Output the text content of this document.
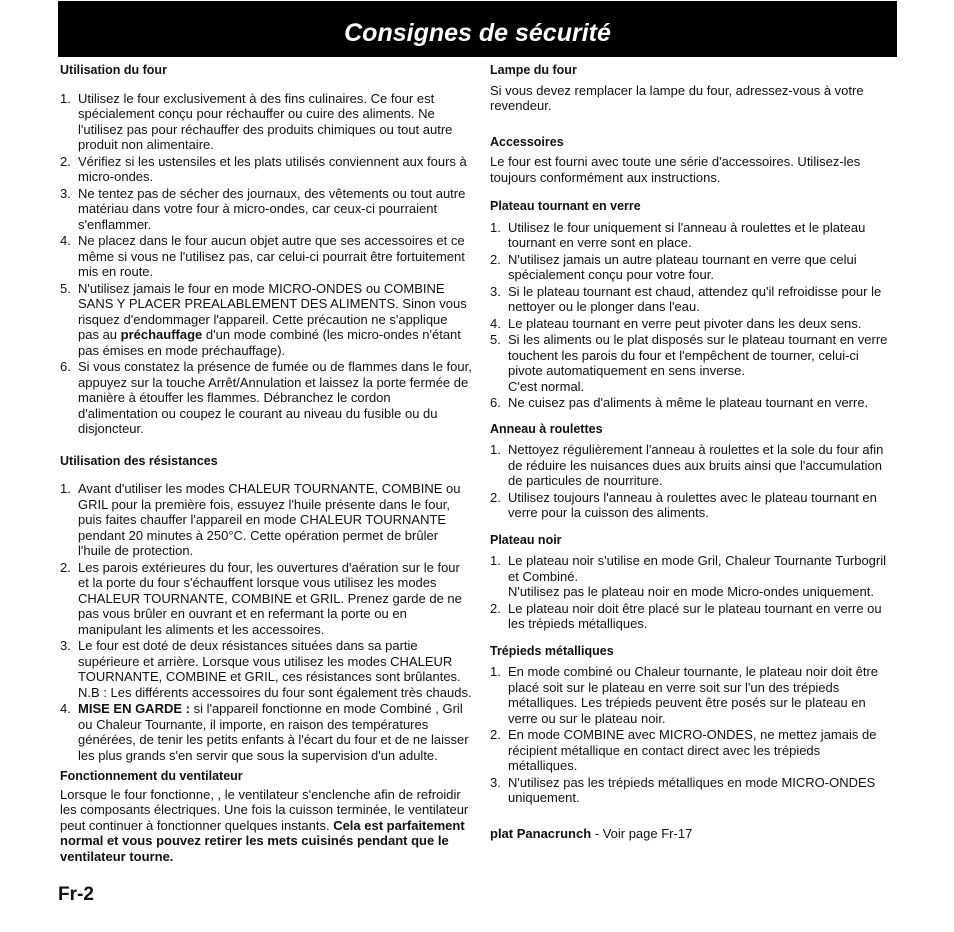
Consignes de sécurité
Utilisation du four
1. Utilisez le four exclusivement à des fins culinaires. Ce four est spécialement conçu pour réchauffer ou cuire des aliments. Ne l'utilisez pas pour réchauffer des produits chimiques ou tout autre produit non alimentaire.
2. Vérifiez si les ustensiles et les plats utilisés conviennent aux fours à micro-ondes.
3. Ne tentez pas de sécher des journaux, des vêtements ou tout autre matériau dans votre four à micro-ondes, car ceux-ci pourraient s'enflammer.
4. Ne placez dans le four aucun objet autre que ses accessoires et ce même si vous ne l'utilisez pas, car celui-ci pourrait être fortuitement mis en route.
5. N'utilisez jamais le four en mode MICRO-ONDES ou COMBINE SANS Y PLACER PREALABLEMENT DES ALIMENTS. Sinon vous risquez d'endommager l'appareil. Cette précaution ne s'applique pas au préchauffage d'un mode combiné (les micro-ondes n'étant pas émises en mode préchauffage).
6. Si vous constatez la présence de fumée ou de flammes dans le four, appuyez sur la touche Arrêt/Annulation et laissez la porte fermée de manière à étouffer les flammes. Débranchez le cordon d'alimentation ou coupez le courant au niveau du fusible ou du disjoncteur.
Utilisation des résistances
1. Avant d'utiliser les modes CHALEUR TOURNANTE, COMBINE ou GRIL pour la première fois, essuyez l'huile présente dans le four, puis faites chauffer l'appareil en mode CHALEUR TOURNANTE pendant 20 minutes à 250°C. Cette opération permet de brûler l'huile de protection.
2. Les parois extérieures du four, les ouvertures d'aération sur le four et la porte du four s'échauffent lorsque vous utilisez les modes CHALEUR TOURNANTE, COMBINE et GRIL. Prenez garde de ne pas vous brûler en ouvrant et en refermant la porte ou en manipulant les aliments et les accessoires.
3. Le four est doté de deux résistances situées dans sa partie supérieure et arrière. Lorsque vous utilisez les modes CHALEUR TOURNANTE, COMBINE et GRIL, ces résistances sont brûlantes.
N.B : Les différents accessoires du four sont également très chauds.
4. MISE EN GARDE : si l'appareil fonctionne en mode Combiné , Gril ou Chaleur Tournante, il importe, en raison des températures générées, de tenir les petits enfants à l'écart du four et de ne laisser les plus grands s'en servir que sous la supervision d'un adulte.
Fonctionnement du ventilateur
Lorsque le four fonctionne, , le ventilateur s'enclenche afin de refroidir les composants électriques. Une fois la cuisson terminée, le ventilateur peut continuer à fonctionner quelques instants. Cela est parfaitement normal et vous pouvez retirer les mets cuisinés pendant que le ventilateur tourne.
Lampe du four
Si vous devez remplacer la lampe du four, adressez-vous à votre revendeur.
Accessoires
Le four est fourni avec toute une série d'accessoires. Utilisez-les toujours conformément aux instructions.
Plateau tournant en verre
1. Utilisez le four uniquement si l'anneau à roulettes et le plateau tournant en verre sont en place.
2. N'utilisez jamais un autre plateau tournant en verre que celui spécialement conçu pour votre four.
3. Si le plateau tournant est chaud, attendez qu'il refroidisse pour le nettoyer ou le plonger dans l'eau.
4. Le plateau tournant en verre peut pivoter dans les deux sens.
5. Si les aliments ou le plat disposés sur le plateau tournant en verre touchent les parois du four et l'empêchent de tourner, celui-ci pivote automatiquement en sens inverse.
C'est normal.
6. Ne cuisez pas d'aliments à même le plateau tournant en verre.
Anneau à roulettes
1. Nettoyez régulièrement l'anneau à roulettes et la sole du four afin de réduire les nuisances dues aux bruits ainsi que l'accumulation de particules de nourriture.
2. Utilisez toujours l'anneau à roulettes avec le plateau tournant en verre pour la cuisson des aliments.
Plateau noir
1. Le plateau noir s'utilise en mode Gril, Chaleur Tournante Turbogril et Combiné.
N'utilisez pas le plateau noir en mode Micro-ondes uniquement.
2. Le plateau noir doit être placé sur le plateau tournant en verre ou les trépieds métalliques.
Trépieds métalliques
1. En mode combiné ou Chaleur tournante, le plateau noir doit être placé soit sur le plateau en verre soit sur l'un des trépieds métalliques. Les trépieds peuvent être posés sur le plateau en verre ou sur le plateau noir.
2. En mode COMBINE avec MICRO-ONDES, ne mettez jamais de récipient métallique en contact direct avec les trépieds métalliques.
3. N'utilisez pas les trépieds métalliques en mode MICRO-ONDES uniquement.
plat Panacrunch - Voir page Fr-17
Fr-2
